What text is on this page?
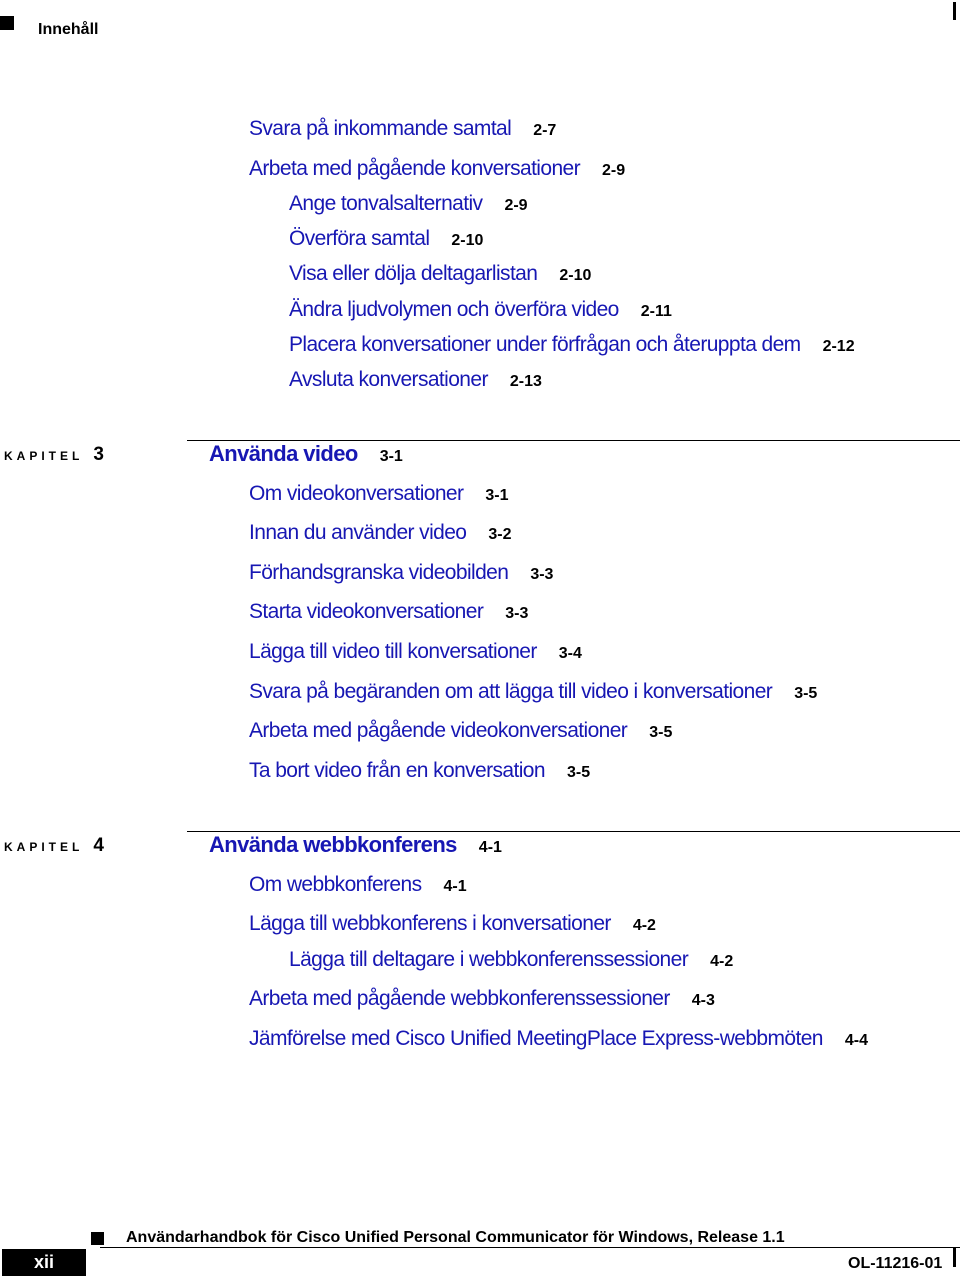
Innehåll
Svara på inkommande samtal 2-7
Arbeta med pågående konversationer 2-9
Ange tonvalsalternativ 2-9
Överföra samtal 2-10
Visa eller dölja deltagarlistan 2-10
Ändra ljudvolymen och överföra video 2-11
Placera konversationer under förfrågan och återuppta dem 2-12
Avsluta konversationer 2-13
KAPITEL 3	Använda video 3-1
Om videokonversationer 3-1
Innan du använder video 3-2
Förhandsgranska videobilden 3-3
Starta videokonversationer 3-3
Lägga till video till konversationer 3-4
Svara på begäranden om att lägga till video i konversationer 3-5
Arbeta med pågående videokonversationer 3-5
Ta bort video från en konversation 3-5
KAPITEL 4	Använda webbkonferens 4-1
Om webbkonferens 4-1
Lägga till webbkonferens i konversationer 4-2
Lägga till deltagare i webbkonferenssessioner 4-2
Arbeta med pågående webbkonferenssessioner 4-3
Jämförelse med Cisco Unified MeetingPlace Express-webbmöten 4-4
Användarhandbok för Cisco Unified Personal Communicator för Windows, Release 1.1
xii	OL-11216-01
